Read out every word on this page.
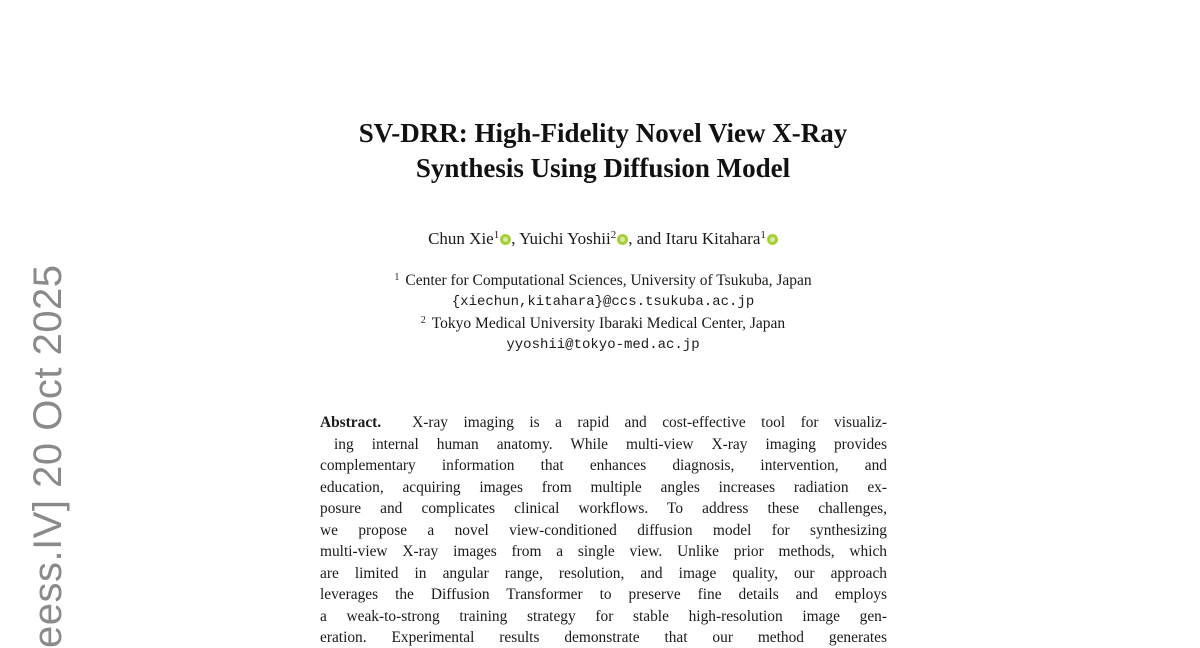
eess.IV] 20 Oct 2025
SV-DRR: High-Fidelity Novel View X-Ray
Synthesis Using Diffusion Model
Chun Xie$^1$ , Yuichi Yoshii$^2$ , and Itaru Kitahara$^1$
$^1$ Center for Computational Sciences, University of Tsukuba, Japan
{xiechun,kitahara}@ccs.tsukuba.ac.jp
$^2$ Tokyo Medical University Ibaraki Medical Center, Japan
yyoshii@tokyo-med.ac.jp
Abstract. X-ray imaging is a rapid and cost-effective tool for visualiz-
ing internal human anatomy. While multi-view X-ray imaging provides
complementary information that enhances diagnosis, intervention, and
education, acquiring images from multiple angles increases radiation ex-
posure and complicates clinical workflows. To address these challenges,
we propose a novel view-conditioned diffusion model for synthesizing
multi-view X-ray images from a single view. Unlike prior methods, which
are limited in angular range, resolution, and image quality, our approach
leverages the Diffusion Transformer to preserve fine details and employs
a weak-to-strong training strategy for stable high-resolution image gen-
eration. Experimental results demonstrate that our method generates
